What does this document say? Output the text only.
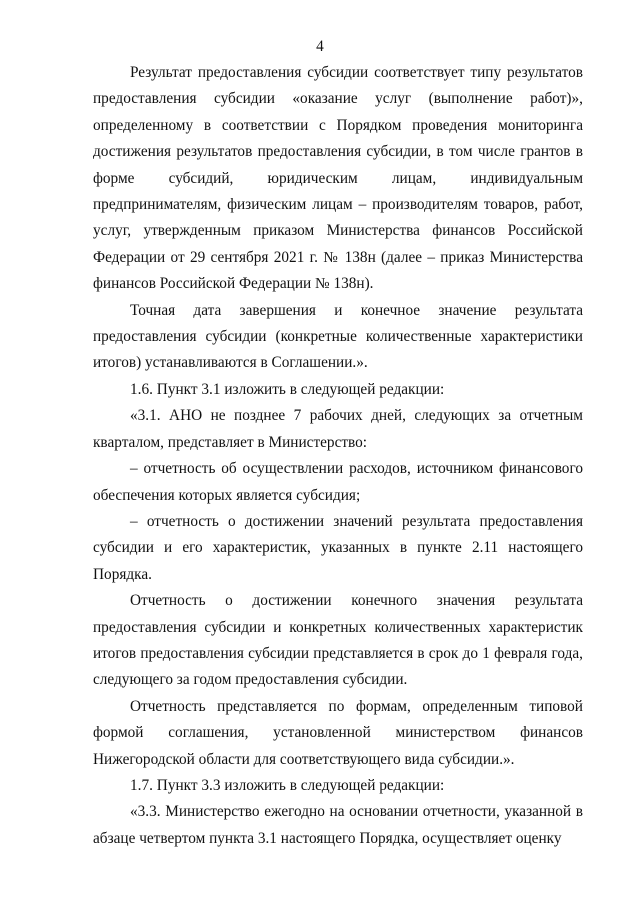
4

Результат предоставления субсидии соответствует типу результатов предоставления субсидии «оказание услуг (выполнение работ)», определенному в соответствии с Порядком проведения мониторинга достижения результатов предоставления субсидии, в том числе грантов в форме субсидий, юридическим лицам, индивидуальным предпринимателям, физическим лицам – производителям товаров, работ, услуг, утвержденным приказом Министерства финансов Российской Федерации от 29 сентября 2021 г. № 138н (далее – приказ Министерства финансов Российской Федерации № 138н).

Точная дата завершения и конечное значение результата предоставления субсидии (конкретные количественные характеристики итогов) устанавливаются в Соглашении.».

1.6. Пункт 3.1 изложить в следующей редакции:

«3.1. АНО не позднее 7 рабочих дней, следующих за отчетным кварталом, представляет в Министерство:

– отчетность об осуществлении расходов, источником финансового обеспечения которых является субсидия;

– отчетность о достижении значений результата предоставления субсидии и его характеристик, указанных в пункте 2.11 настоящего Порядка.

Отчетность о достижении конечного значения результата предоставления субсидии и конкретных количественных характеристик итогов предоставления субсидии представляется в срок до 1 февраля года, следующего за годом предоставления субсидии.

Отчетность представляется по формам, определенным типовой формой соглашения, установленной министерством финансов Нижегородской области для соответствующего вида субсидии.».

1.7. Пункт 3.3 изложить в следующей редакции:

«3.3. Министерство ежегодно на основании отчетности, указанной в абзаце четвертом пункта 3.1 настоящего Порядка, осуществляет оценку
